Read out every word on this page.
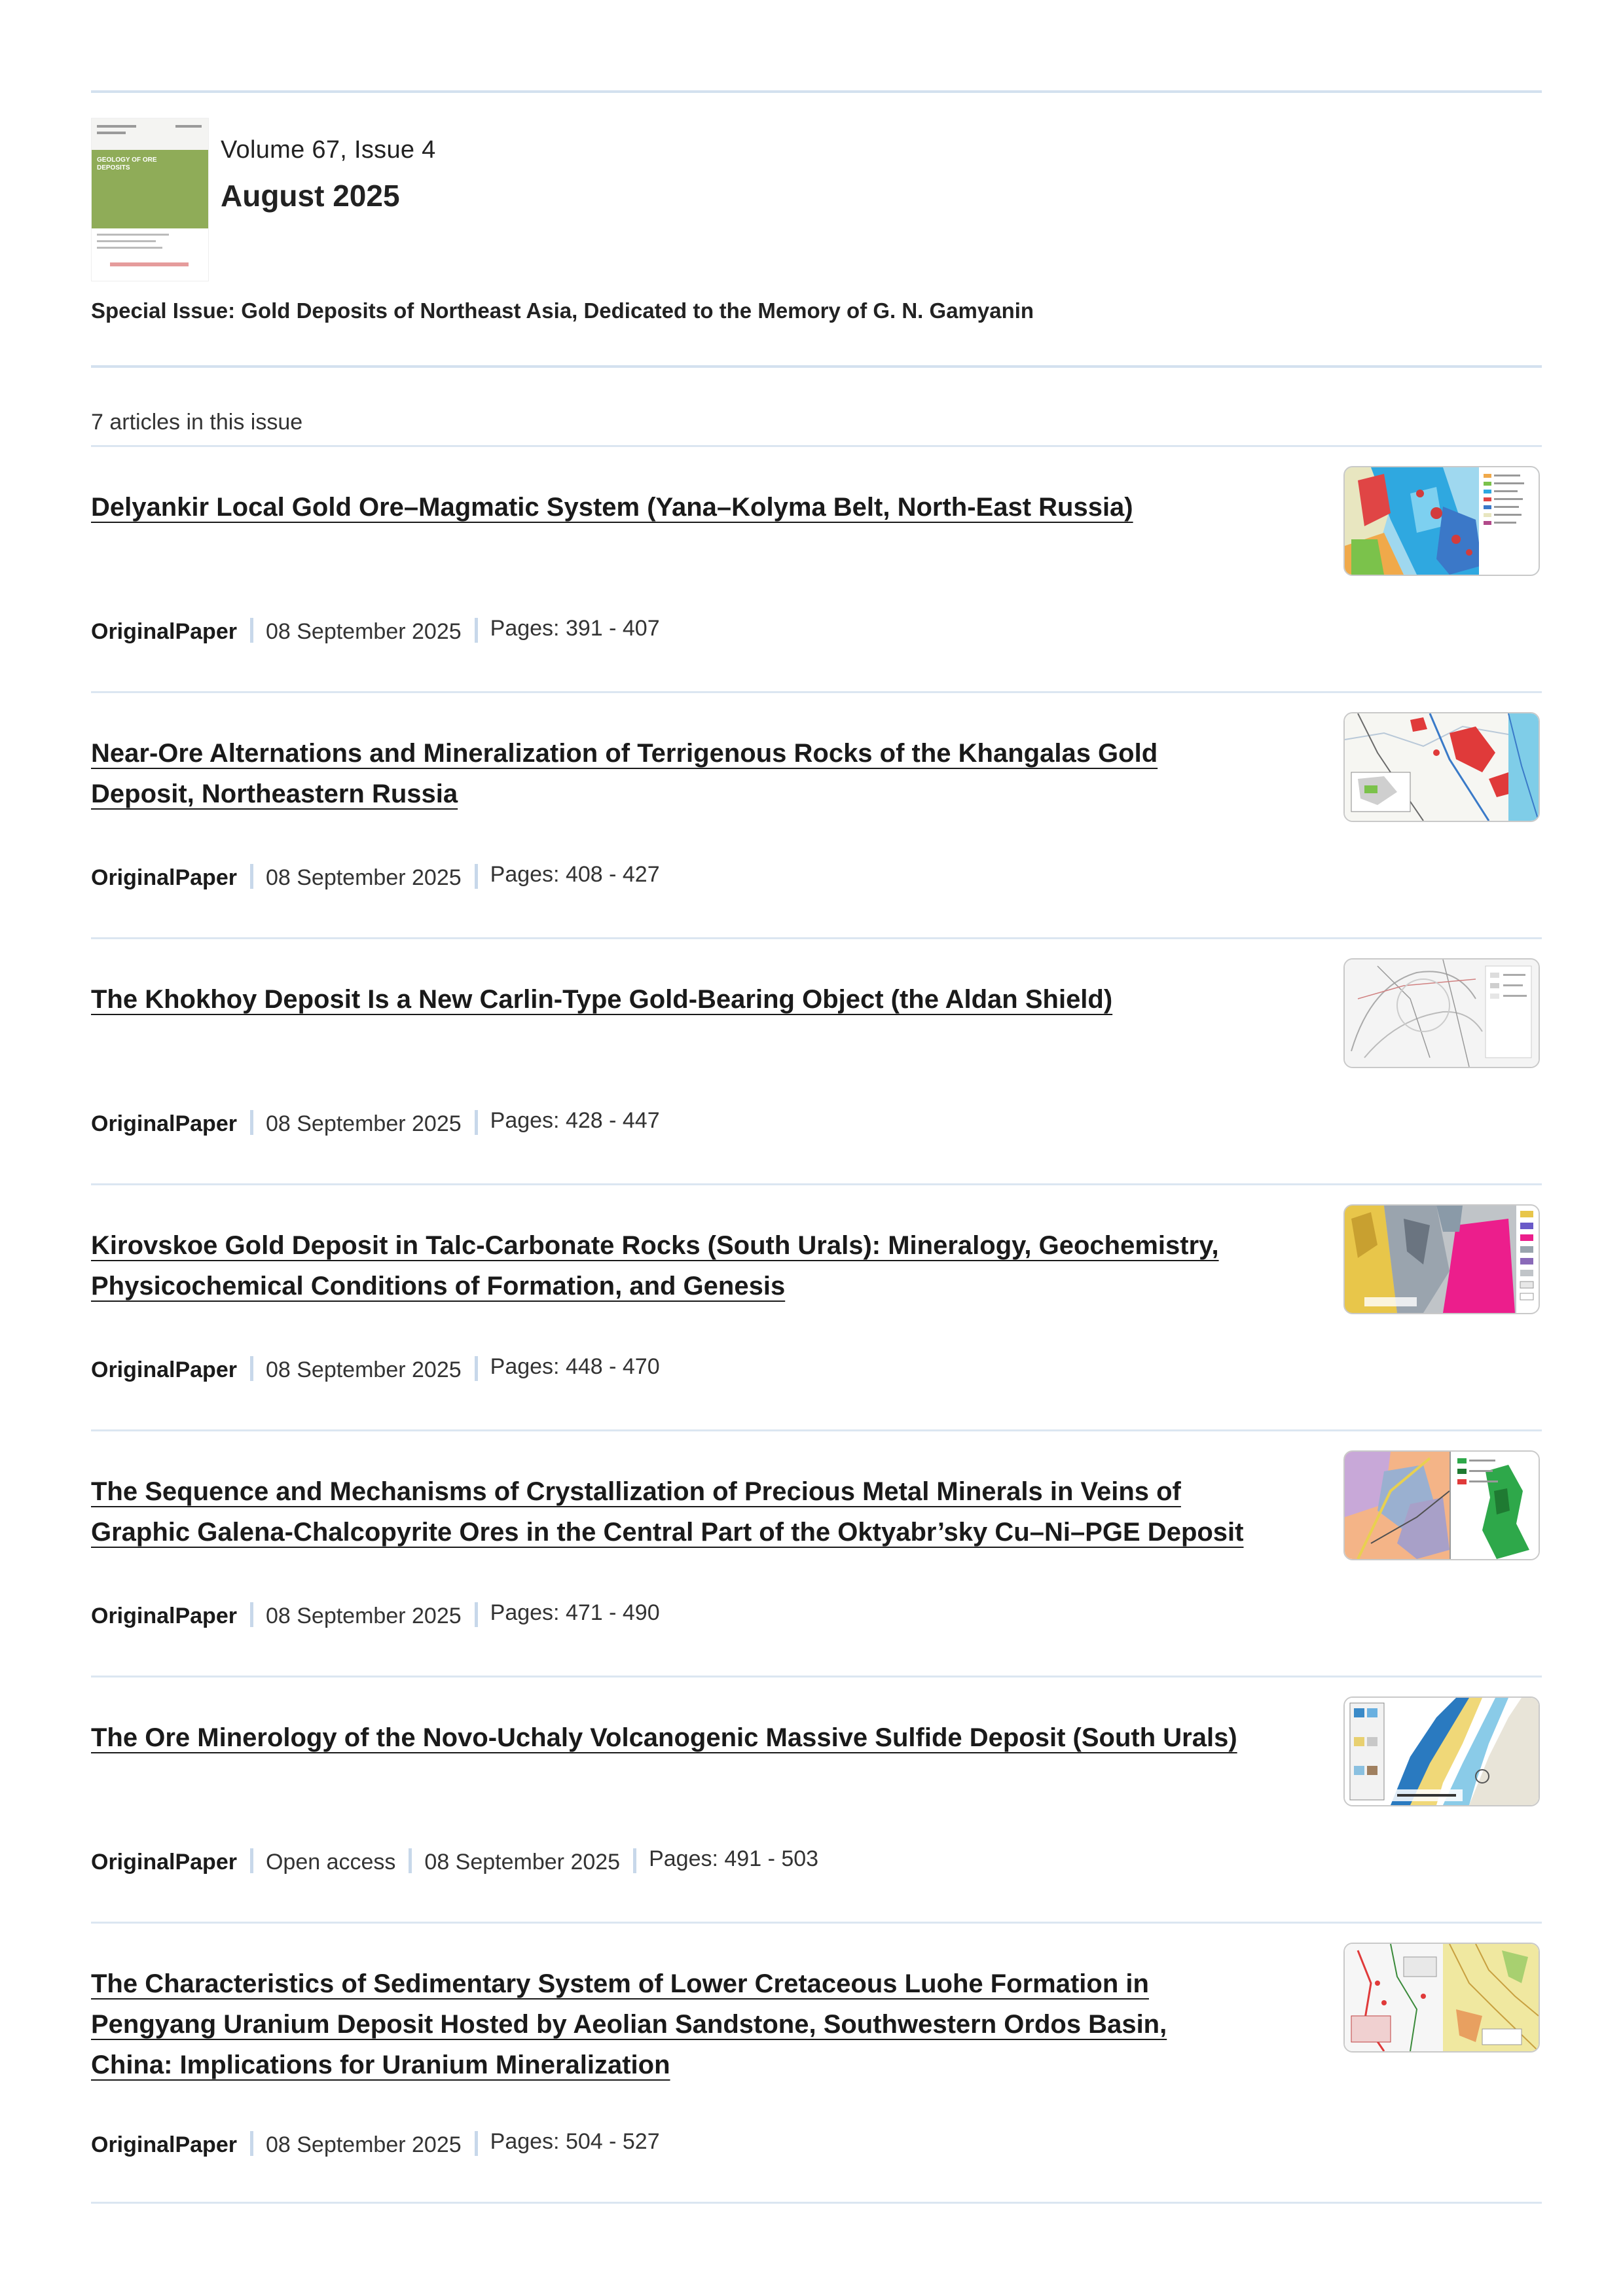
GEOLOGY OF ORE DEPOSITS
Volume 67, Issue 4
August 2025
Special Issue: Gold Deposits of Northeast Asia, Dedicated to the Memory of G. N. Gamyanin
7 articles in this issue
Delyankir Local Gold Ore–Magmatic System (Yana–Kolyma Belt, North-East Russia)
OriginalPaper 08 September 2025 Pages: 391 - 407
Near-Ore Alternations and Mineralization of Terrigenous Rocks of the Khangalas Gold
Deposit, Northeastern Russia
OriginalPaper 08 September 2025 Pages: 408 - 427
The Khokhoy Deposit Is a New Carlin-Type Gold-Bearing Object (the Aldan Shield)
OriginalPaper 08 September 2025 Pages: 428 - 447
Kirovskoe Gold Deposit in Talc-Carbonate Rocks (South Urals): Mineralogy, Geochemistry,
Physicochemical Conditions of Formation, and Genesis
OriginalPaper 08 September 2025 Pages: 448 - 470
The Sequence and Mechanisms of Crystallization of Precious Metal Minerals in Veins of
Graphic Galena-Chalcopyrite Ores in the Central Part of the Oktyabr’sky Cu–Ni–PGE Deposit
OriginalPaper 08 September 2025 Pages: 471 - 490
The Ore Minerology of the Novo-Uchaly Volcanogenic Massive Sulfide Deposit (South Urals)
OriginalPaper Open access 08 September 2025 Pages: 491 - 503
The Characteristics of Sedimentary System of Lower Cretaceous Luohe Formation in
Pengyang Uranium Deposit Hosted by Aeolian Sandstone, Southwestern Ordos Basin,
China: Implications for Uranium Mineralization
OriginalPaper 08 September 2025 Pages: 504 - 527
